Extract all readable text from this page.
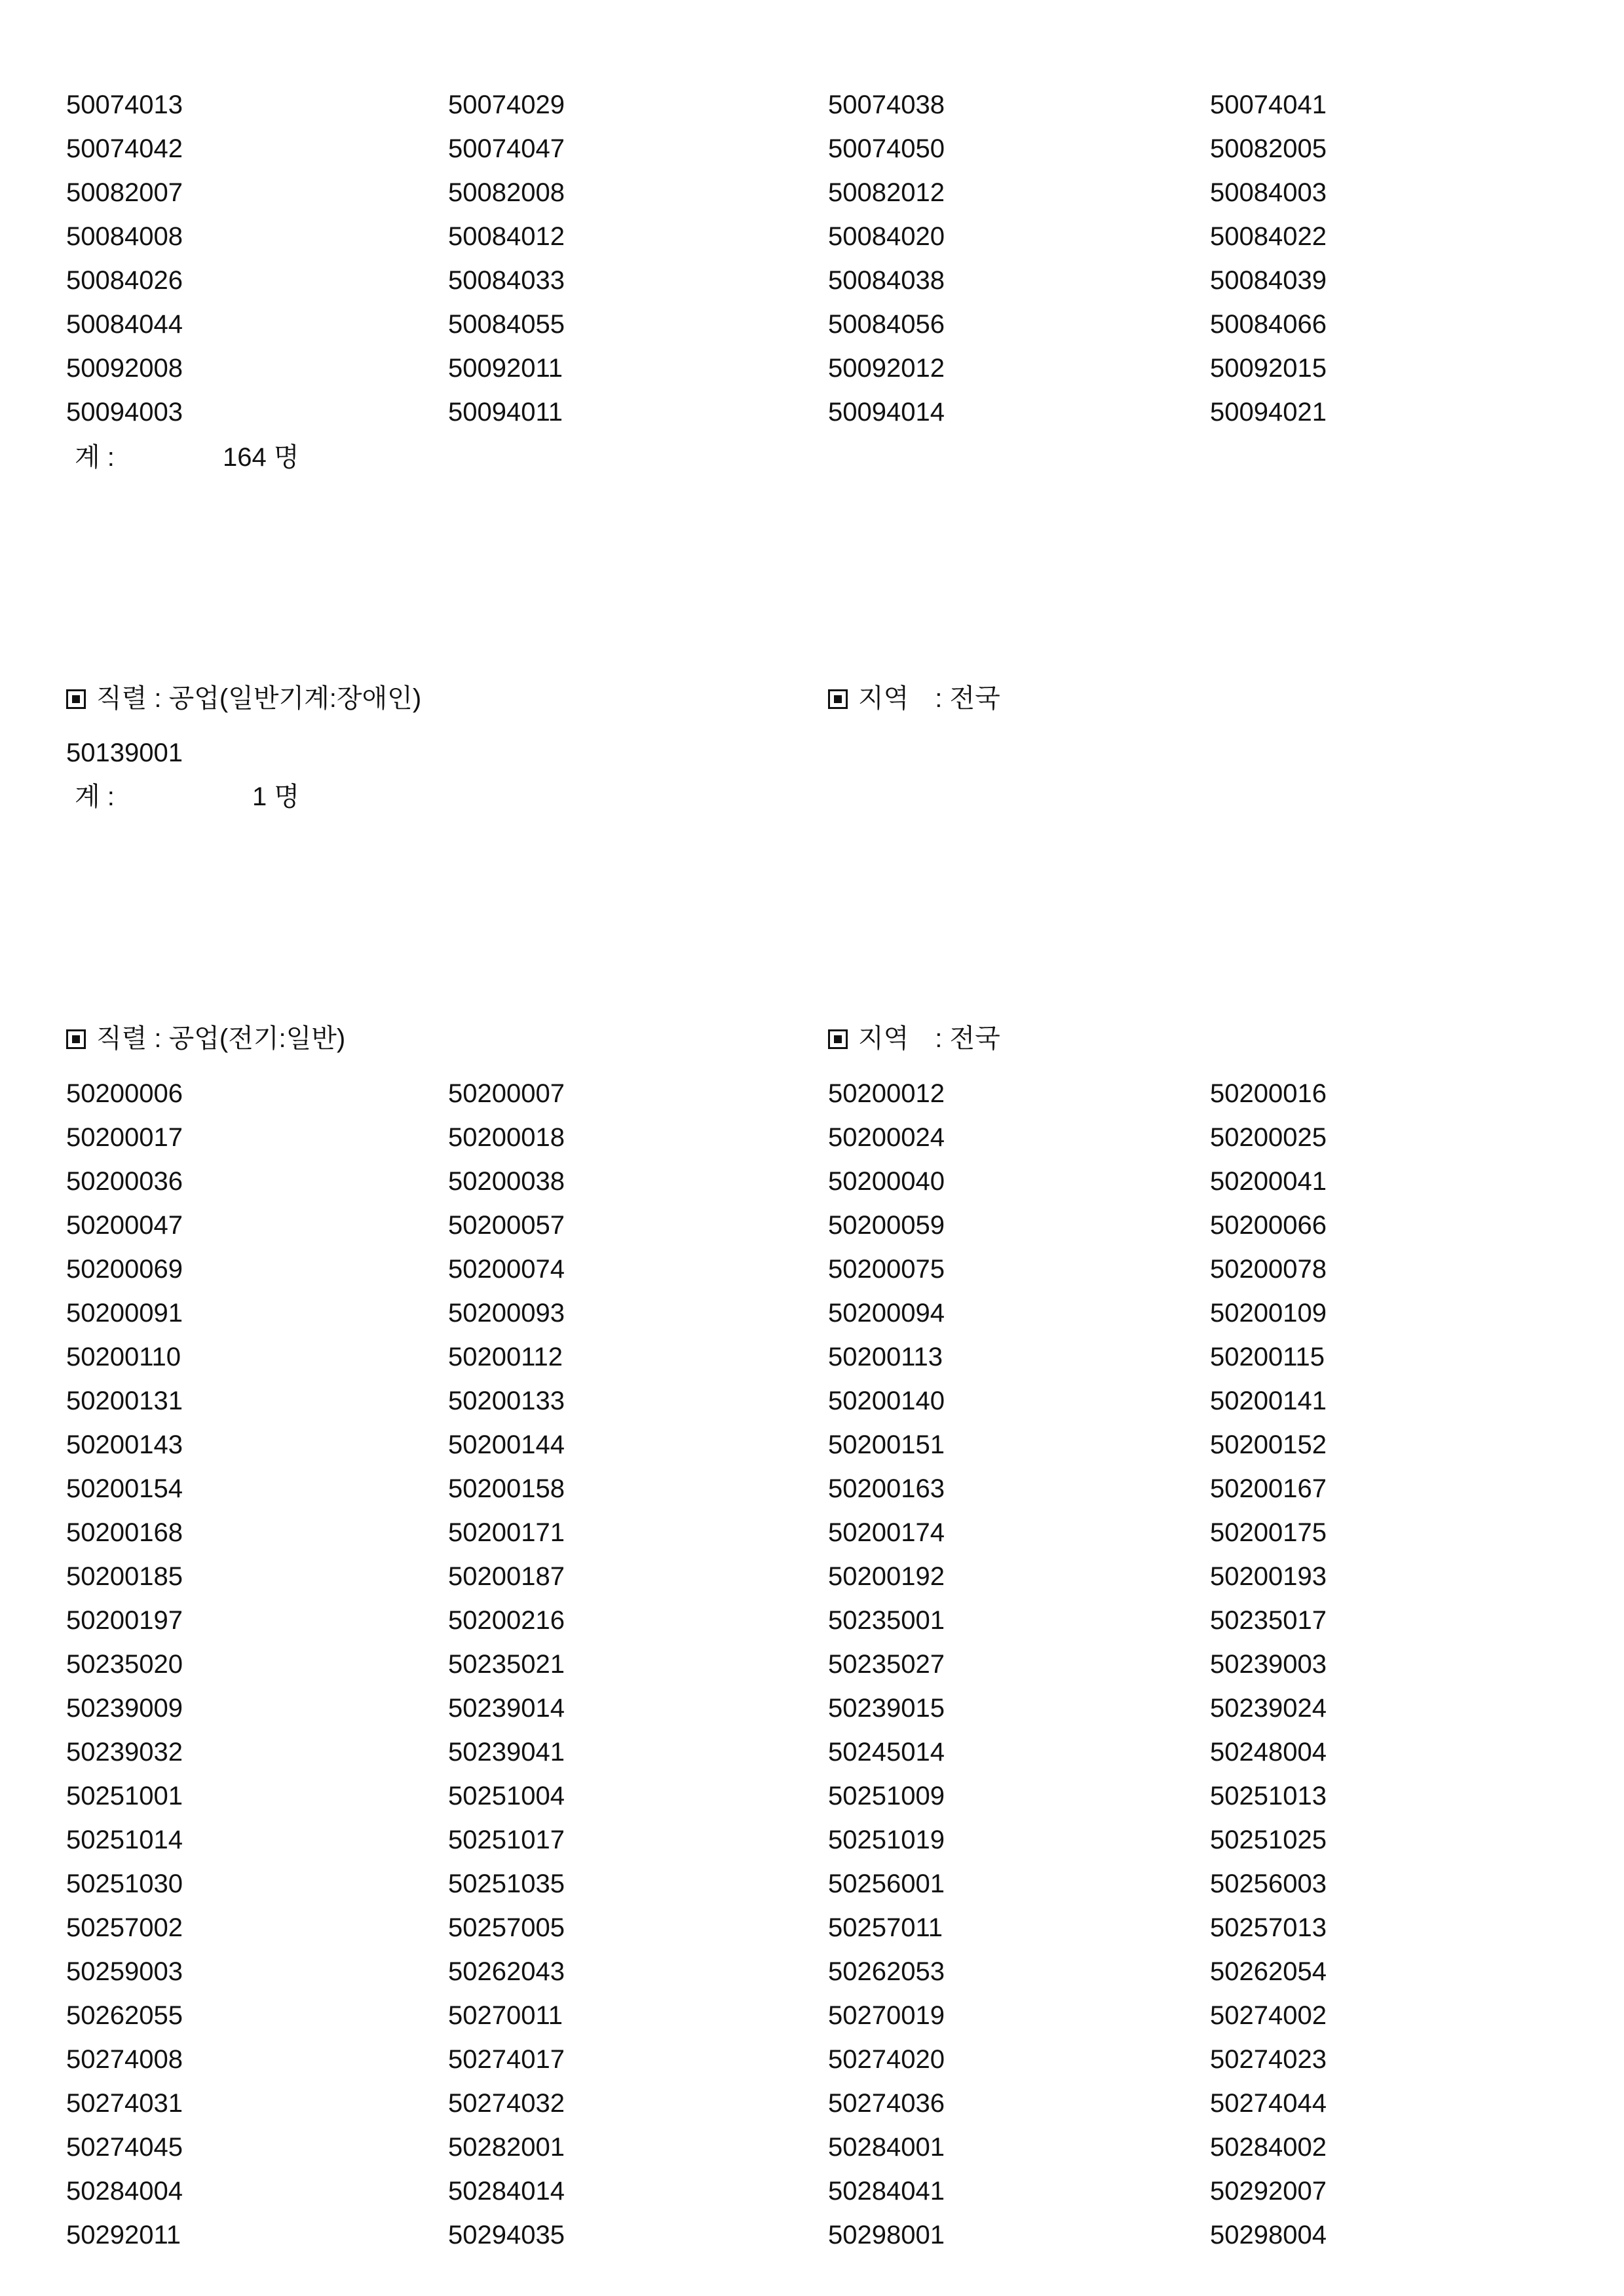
50074013	50074029	50074038	50074041
50074042	50074047	50074050	50082005
50082007	50082008	50082012	50084003
50084008	50084012	50084020	50084022
50084026	50084033	50084038	50084039
50084044	50084055	50084056	50084066
50092008	50092011	50092012	50092015
50094003	50094011	50094014	50094021
계 :	164 명
직렬 : 공업(일반기계:장애인)	지역　: 전국
50139001
계 :	1 명
직렬 : 공업(전기:일반)	지역　: 전국
50200006	50200007	50200012	50200016
50200017	50200018	50200024	50200025
50200036	50200038	50200040	50200041
50200047	50200057	50200059	50200066
50200069	50200074	50200075	50200078
50200091	50200093	50200094	50200109
50200110	50200112	50200113	50200115
50200131	50200133	50200140	50200141
50200143	50200144	50200151	50200152
50200154	50200158	50200163	50200167
50200168	50200171	50200174	50200175
50200185	50200187	50200192	50200193
50200197	50200216	50235001	50235017
50235020	50235021	50235027	50239003
50239009	50239014	50239015	50239024
50239032	50239041	50245014	50248004
50251001	50251004	50251009	50251013
50251014	50251017	50251019	50251025
50251030	50251035	50256001	50256003
50257002	50257005	50257011	50257013
50259003	50262043	50262053	50262054
50262055	50270011	50270019	50274002
50274008	50274017	50274020	50274023
50274031	50274032	50274036	50274044
50274045	50282001	50284001	50284002
50284004	50284014	50284041	50292007
50292011	50294035	50298001	50298004
